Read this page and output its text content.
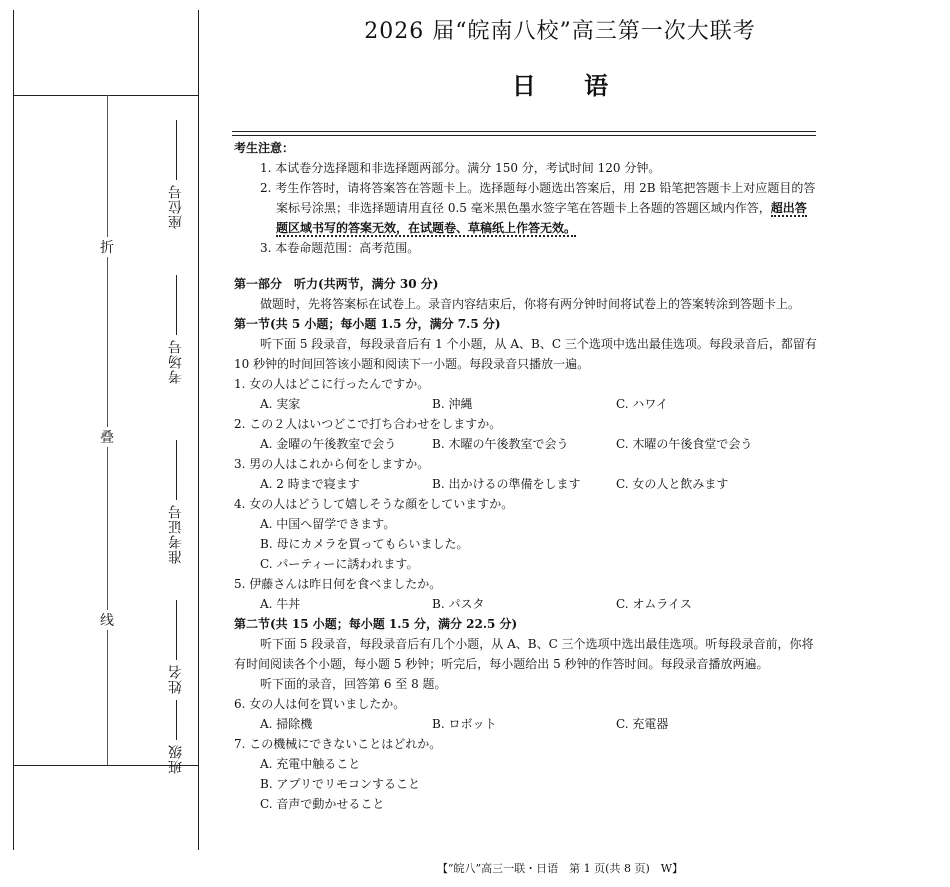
折
叠
线
座位号
考场号
准考证号
姓名
班级
2026 届“皖南八校”高三第一次大联考
日 语

考生注意：

1. 本试卷分选择题和非选择题两部分。满分 150 分，考试时间 120 分钟。

2. 考生作答时，请将答案答在答题卡上。选择题每小题选出答案后，用 2B 铅笔把答题卡上对应题目的答案标号涂黑；非选择题请用直径 0.5 毫米黑色墨水签字笔在答题卡上各题的答题区域内作答，超出答题区域书写的答案无效，在试题卷、草稿纸上作答无效。

3. 本卷命题范围：高考范围。

第一部分　听力(共两节，满分 30 分)

做题时，先将答案标在试卷上。录音内容结束后，你将有两分钟时间将试卷上的答案转涂到答题卡上。

第一节(共 5 小题；每小题 1.5 分，满分 7.5 分)

听下面 5 段录音，每段录音后有 1 个小题，从 A、B、C 三个选项中选出最佳选项。每段录音后，都留有 10 秒钟的时间回答该小题和阅读下一小题。每段录音只播放一遍。

1. 女の人はどこに行ったんですか。

A. 実家	B. 沖縄	C. ハワイ

2. この２人はいつどこで打ち合わせをしますか。

A. 金曜の午後教室で会う	B. 木曜の午後教室で会う	C. 木曜の午後食堂で会う

3. 男の人はこれから何をしますか。

A. 2 時まで寝ます	B. 出かけるの準備をします	C. 女の人と飲みます

4. 女の人はどうして嬉しそうな顔をしていますか。

A. 中国へ留学できます。

B. 母にカメラを買ってもらいました。

C. パーティーに誘われます。

5. 伊藤さんは昨日何を食べましたか。

A. 牛丼	B. パスタ	C. オムライス

第二节(共 15 小题；每小题 1.5 分，满分 22.5 分)

听下面 5 段录音，每段录音后有几个小题，从 A、B、C 三个选项中选出最佳选项。听每段录音前，你将有时间阅读各个小题，每小题 5 秒钟；听完后，每小题给出 5 秒钟的作答时间。每段录音播放两遍。

听下面的录音，回答第 6 至 8 题。

6. 女の人は何を買いましたか。

A. 掃除機	B. ロボット	C. 充電器

7. この機械にできないことはどれか。

A. 充電中触ること

B. アプリでリモコンすること

C. 音声で動かせること

【“皖八”高三一联・日语　第 1 页(共 8 页)　W】
